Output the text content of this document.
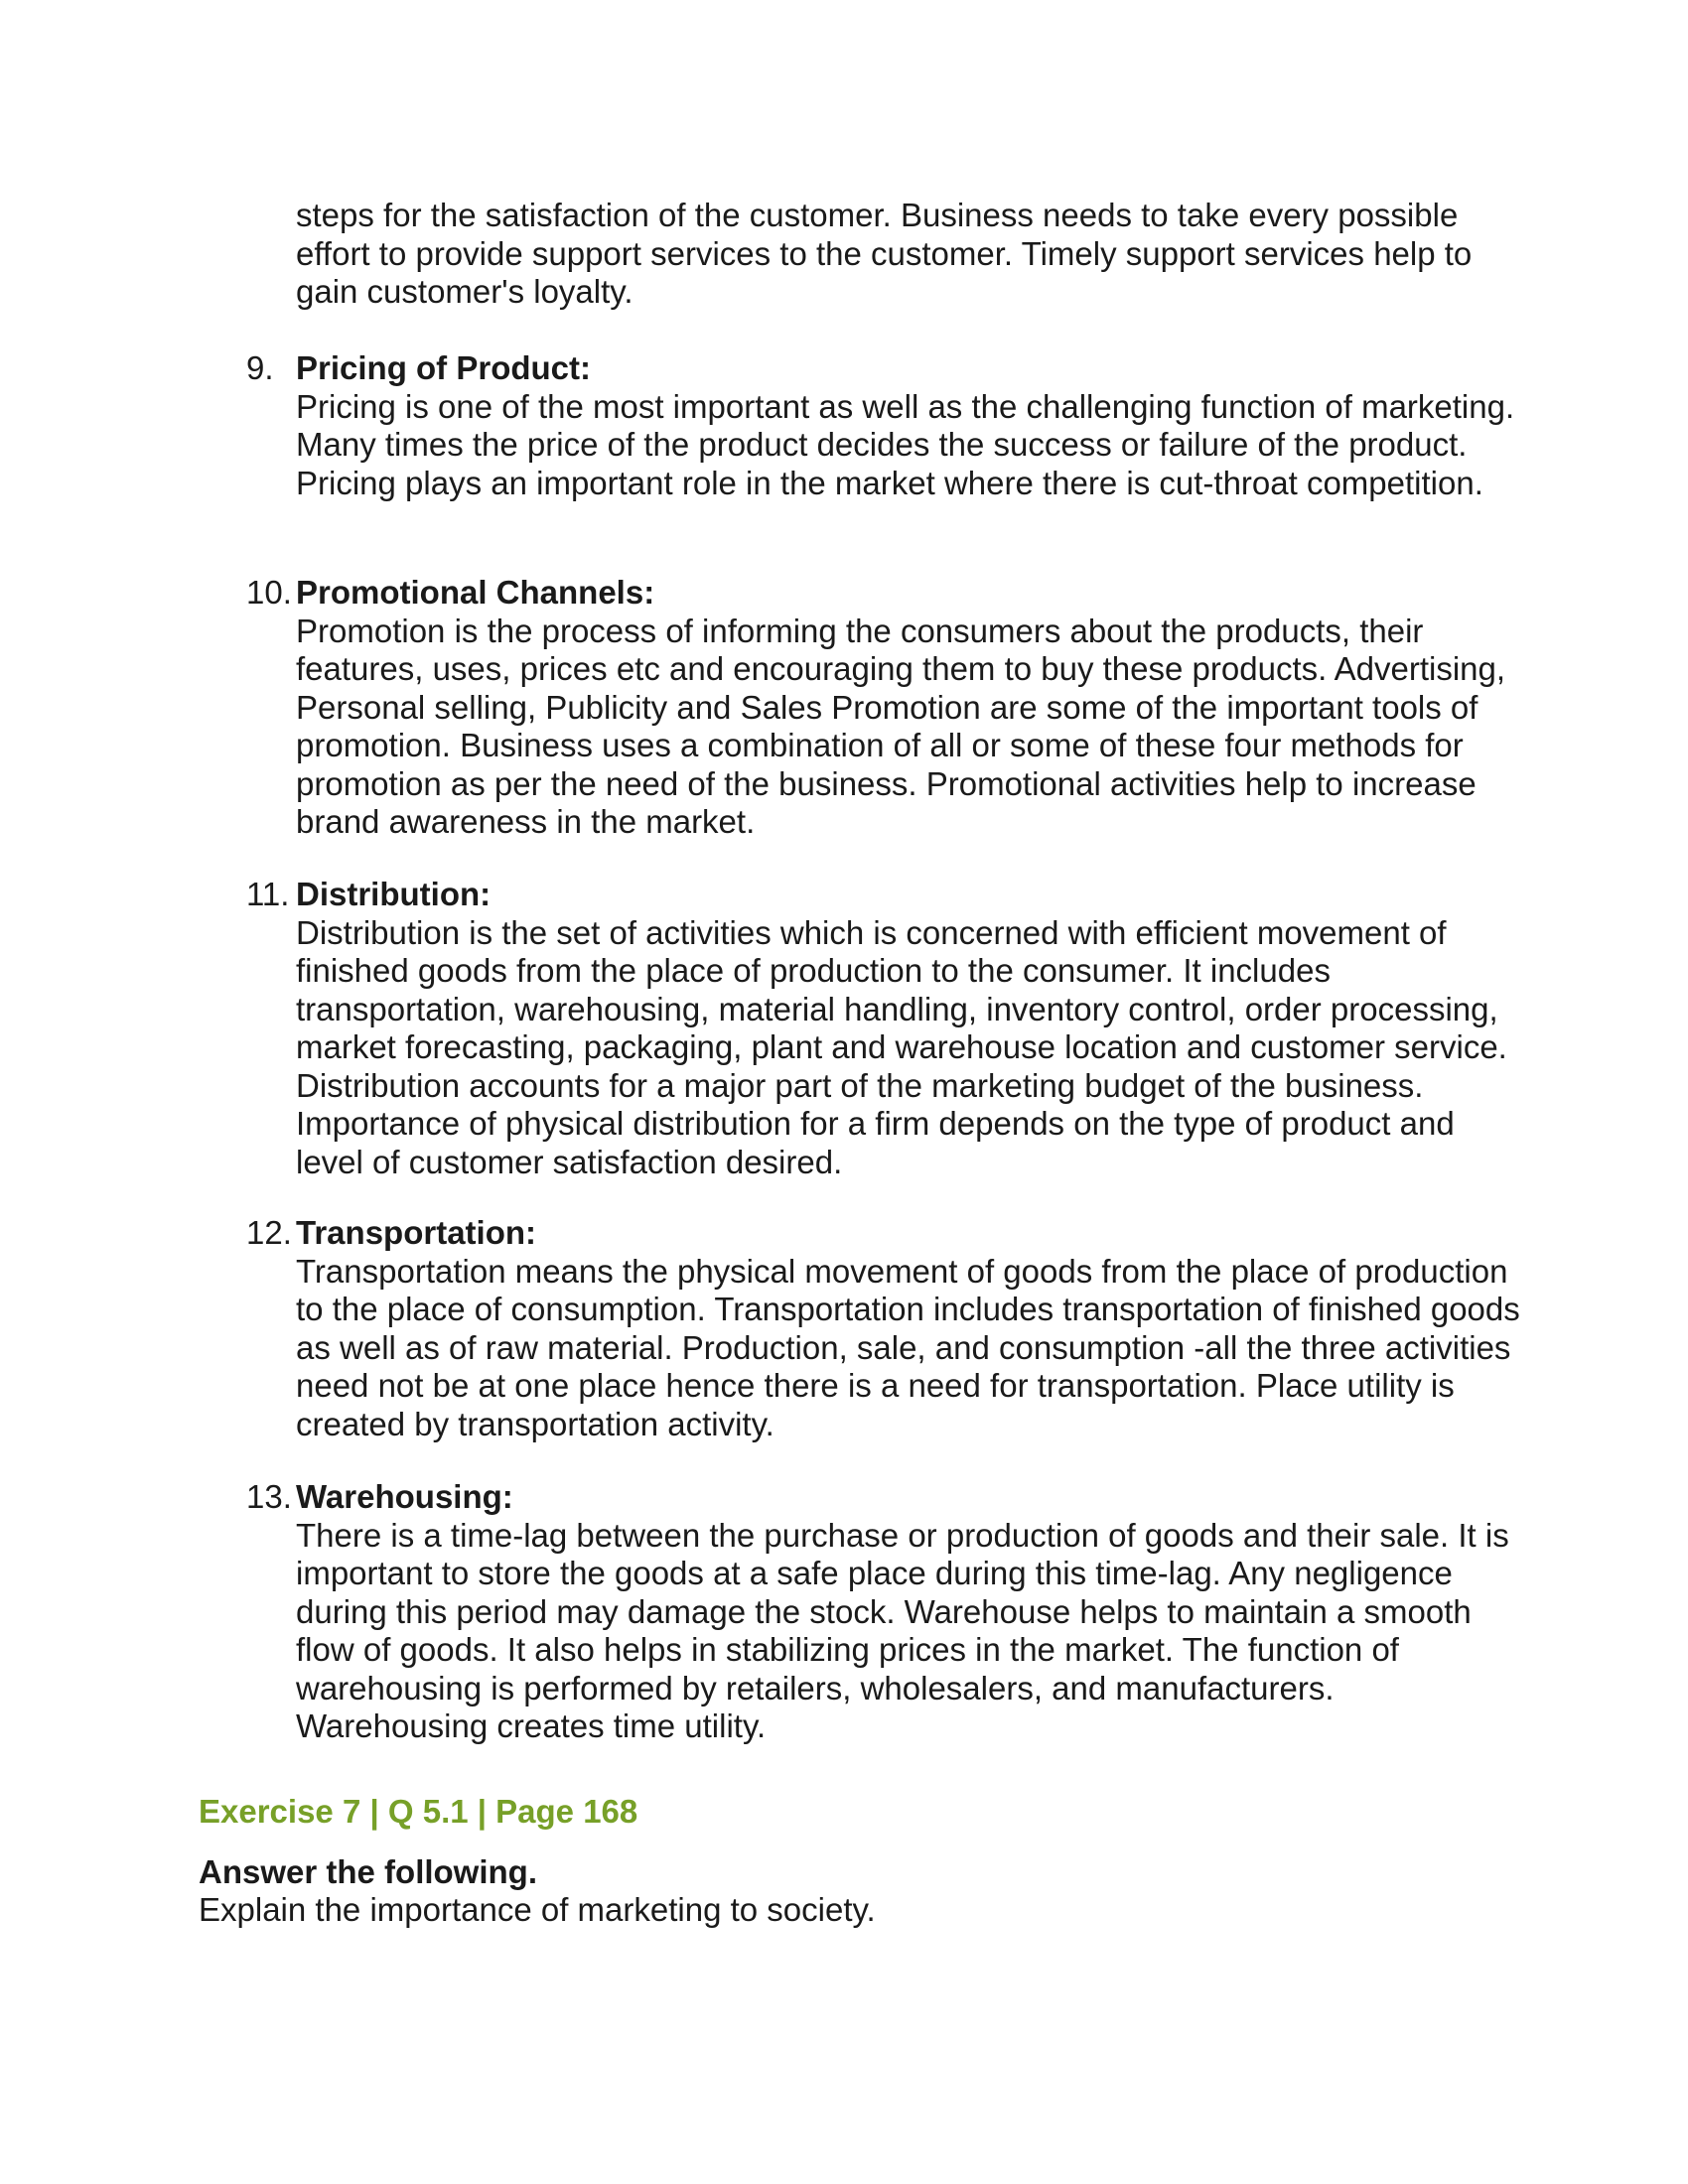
steps for the satisfaction of the customer. Business needs to take every possible effort to provide support services to the customer. Timely support services help to gain customer's loyalty.

9. Pricing of Product:

Pricing is one of the most important as well as the challenging function of marketing. Many times the price of the product decides the success or failure of the product. Pricing plays an important role in the market where there is cut-throat competition.

10. Promotional Channels:

Promotion is the process of informing the consumers about the products, their features, uses, prices etc and encouraging them to buy these products. Advertising, Personal selling, Publicity and Sales Promotion are some of the important tools of promotion. Business uses a combination of all or some of these four methods for promotion as per the need of the business. Promotional activities help to increase brand awareness in the market.

11. Distribution:

Distribution is the set of activities which is concerned with efficient movement of finished goods from the place of production to the consumer. It includes transportation, warehousing, material handling, inventory control, order processing, market forecasting, packaging, plant and warehouse location and customer service. Distribution accounts for a major part of the marketing budget of the business. Importance of physical distribution for a firm depends on the type of product and level of customer satisfaction desired.

12. Transportation:

Transportation means the physical movement of goods from the place of production to the place of consumption. Transportation includes transportation of finished goods as well as of raw material. Production, sale, and consumption -all the three activities need not be at one place hence there is a need for transportation. Place utility is created by transportation activity.

13. Warehousing:

There is a time-lag between the purchase or production of goods and their sale. It is important to store the goods at a safe place during this time-lag. Any negligence during this period may damage the stock. Warehouse helps to maintain a smooth flow of goods. It also helps in stabilizing prices in the market. The function of warehousing is performed by retailers, wholesalers, and manufacturers. Warehousing creates time utility.

Exercise 7 | Q 5.1 | Page 168

Answer the following.

Explain the importance of marketing to society.
